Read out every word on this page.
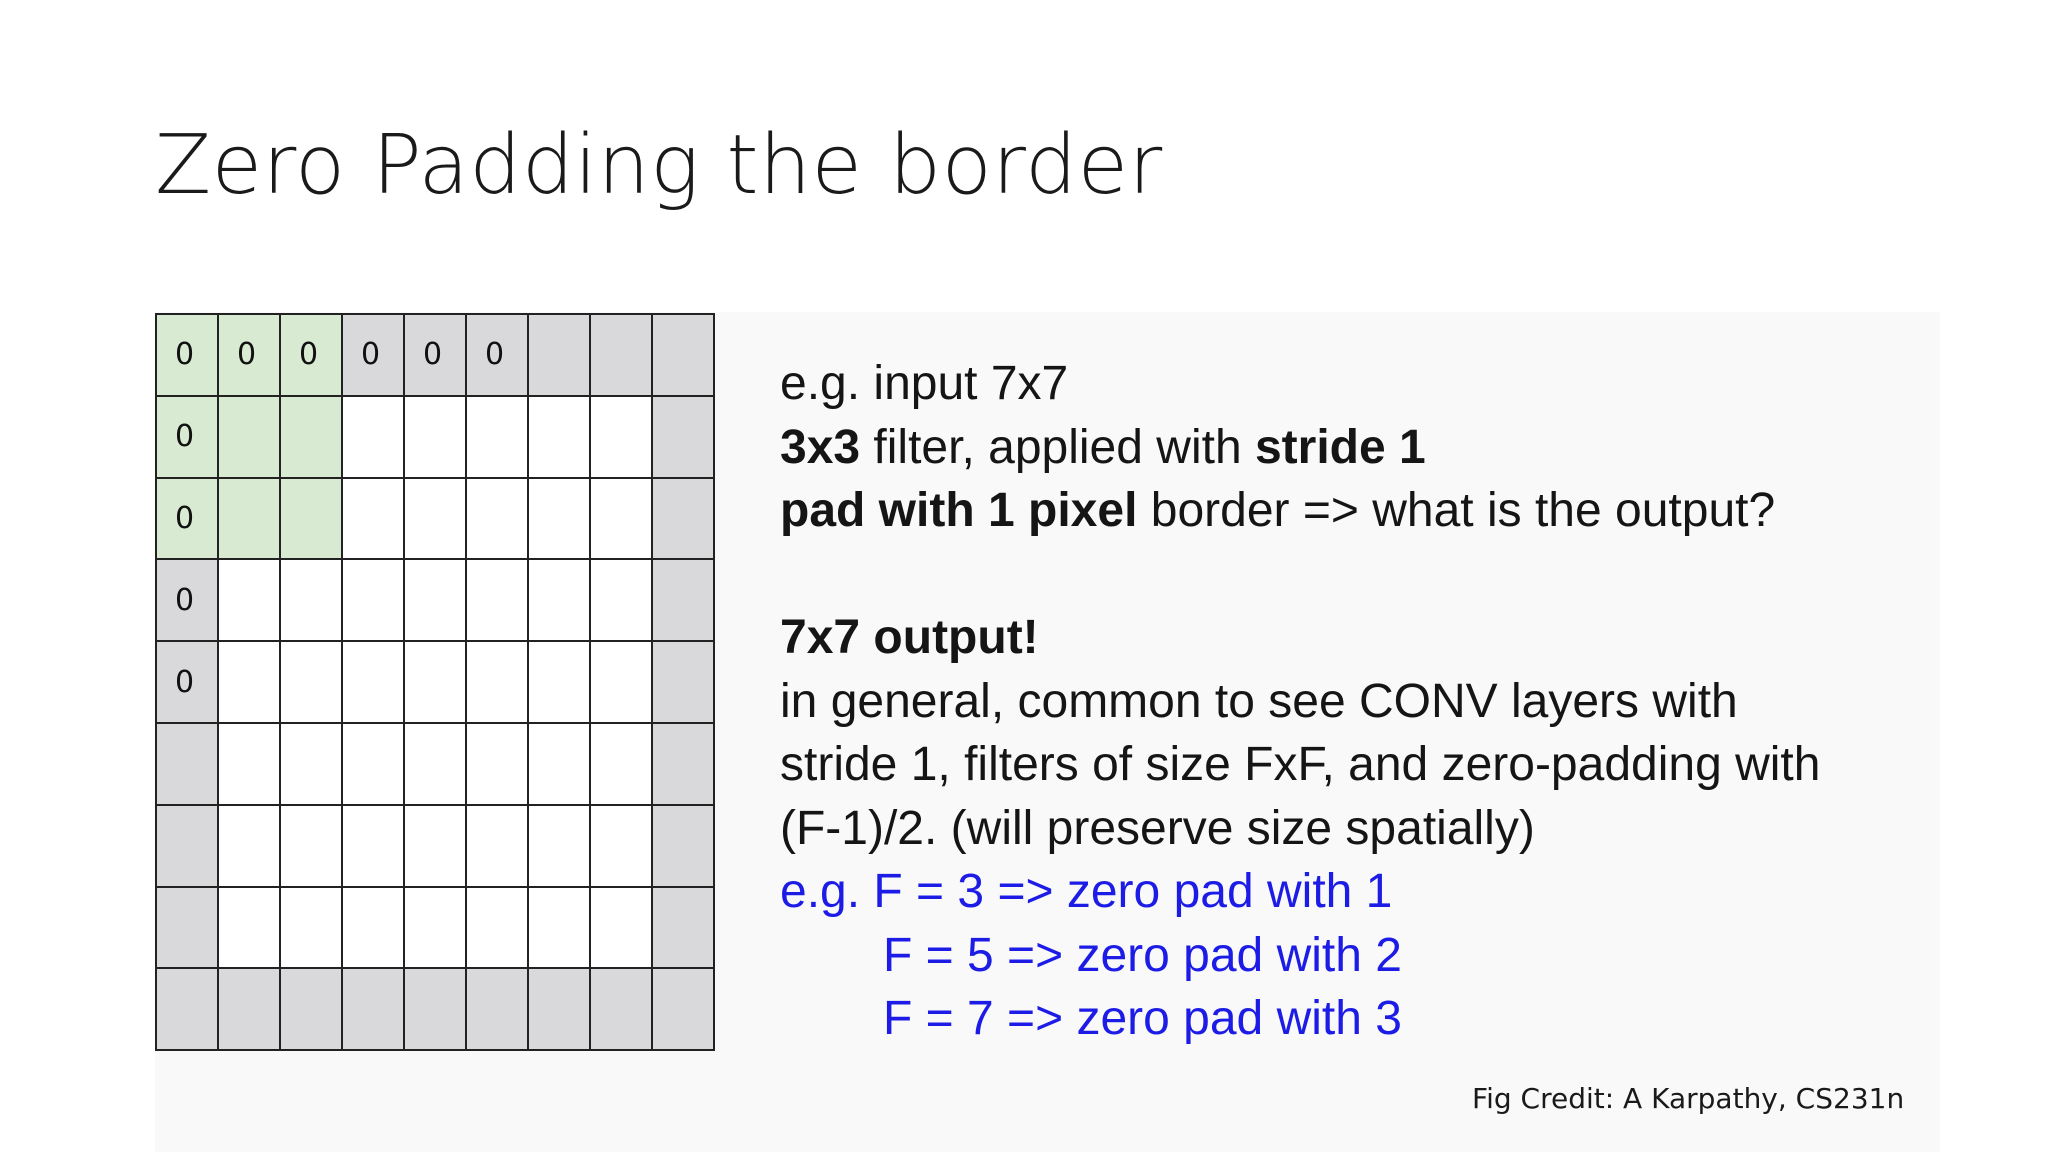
Zero Padding the border
0	0	0	0	0	0
0
0
0
0
e.g. input 7x7
3x3 filter, applied with stride 1
pad with 1 pixel border => what is the output?
7x7 output!
in general, common to see CONV layers with
stride 1, filters of size FxF, and zero-padding with
(F-1)/2. (will preserve size spatially)
e.g. F = 3 => zero pad with 1
F = 5 => zero pad with 2
F = 7 => zero pad with 3
Fig Credit: A Karpathy, CS231n
